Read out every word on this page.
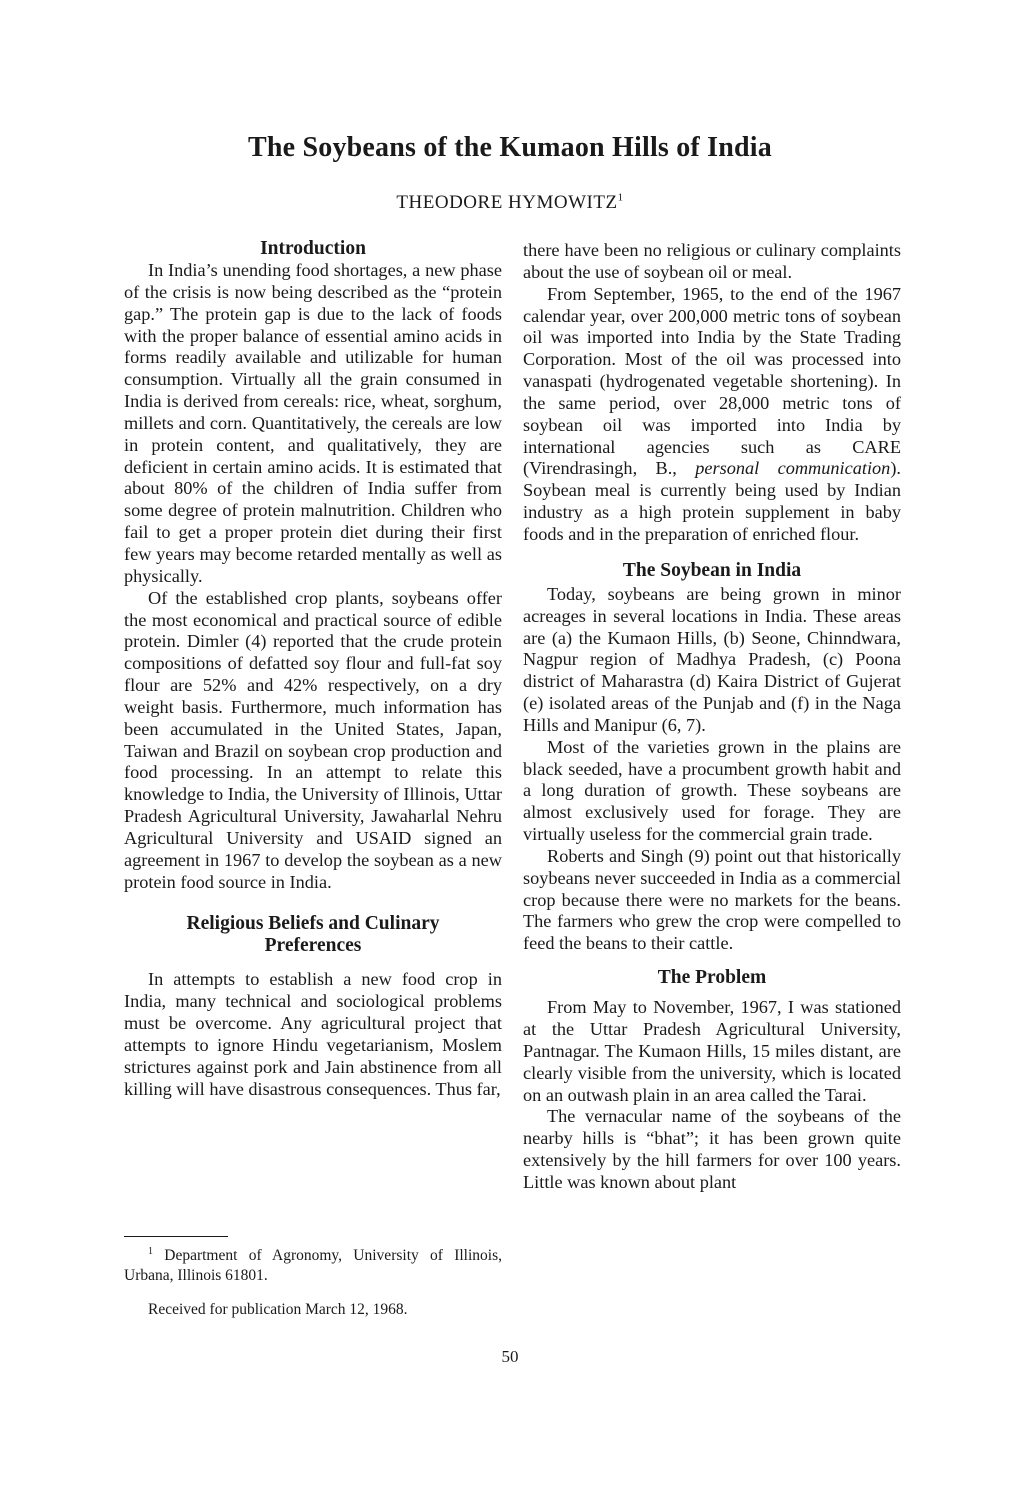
The Soybeans of the Kumaon Hills of India
THEODORE HYMOWITZ$^1$
Introduction

In India’s unending food shortages, a new phase of the crisis is now being described as the “protein gap.” The protein gap is due to the lack of foods with the proper balance of essential amino acids in forms readily available and utilizable for human consumption. Virtually all the grain consumed in India is derived from cereals: rice, wheat, sorghum, millets and corn. Quantitatively, the cereals are low in protein content, and qualitatively, they are deficient in certain amino acids. It is estimated that about 80% of the children of India suffer from some degree of protein malnutrition. Children who fail to get a proper protein diet during their first few years may become retarded mentally as well as physically.

Of the established crop plants, soybeans offer the most economical and practical source of edible protein. Dimler (4) reported that the crude protein compositions of defatted soy flour and full-fat soy flour are 52% and 42% respectively, on a dry weight basis. Furthermore, much information has been accumulated in the United States, Japan, Taiwan and Brazil on soybean crop production and food processing. In an attempt to relate this knowledge to India, the University of Illinois, Uttar Pradesh Agricultural University, Jawaharlal Nehru Agricultural University and USAID signed an agreement in 1967 to develop the soybean as a new protein food source in India.

Religious Beliefs and Culinary
Preferences

In attempts to establish a new food crop in India, many technical and sociological problems must be overcome. Any agricultural project that attempts to ignore Hindu vegetarianism, Moslem strictures against pork and Jain abstinence from all killing will have disastrous consequences. Thus far,

there have been no religious or culinary complaints about the use of soybean oil or meal.

From September, 1965, to the end of the 1967 calendar year, over 200,000 metric tons of soybean oil was imported into India by the State Trading Corporation. Most of the oil was processed into vanaspati (hydrogenated vegetable shortening). In the same period, over 28,000 metric tons of soybean oil was imported into India by international agencies such as CARE (Virendrasingh, B., personal communication). Soybean meal is currently being used by Indian industry as a high protein supplement in baby foods and in the preparation of enriched flour.

The Soybean in India

Today, soybeans are being grown in minor acreages in several locations in India. These areas are (a) the Kumaon Hills, (b) Seone, Chinndwara, Nagpur region of Madhya Pradesh, (c) Poona district of Maharastra (d) Kaira District of Gujerat (e) isolated areas of the Punjab and (f) in the Naga Hills and Manipur (6, 7).

Most of the varieties grown in the plains are black seeded, have a procumbent growth habit and a long duration of growth. These soybeans are almost exclusively used for forage. They are virtually useless for the commercial grain trade.

Roberts and Singh (9) point out that historically soybeans never succeeded in India as a commercial crop because there were no markets for the beans. The farmers who grew the crop were compelled to feed the beans to their cattle.

The Problem

From May to November, 1967, I was stationed at the Uttar Pradesh Agricultural University, Pantnagar. The Kumaon Hills, 15 miles distant, are clearly visible from the university, which is located on an outwash plain in an area called the Tarai.

The vernacular name of the soybeans of the nearby hills is “bhat”; it has been grown quite extensively by the hill farmers for over 100 years. Little was known about plant

$^1$ Department of Agronomy, University of Illinois, Urbana, Illinois 61801.

Received for publication March 12, 1968.
50
